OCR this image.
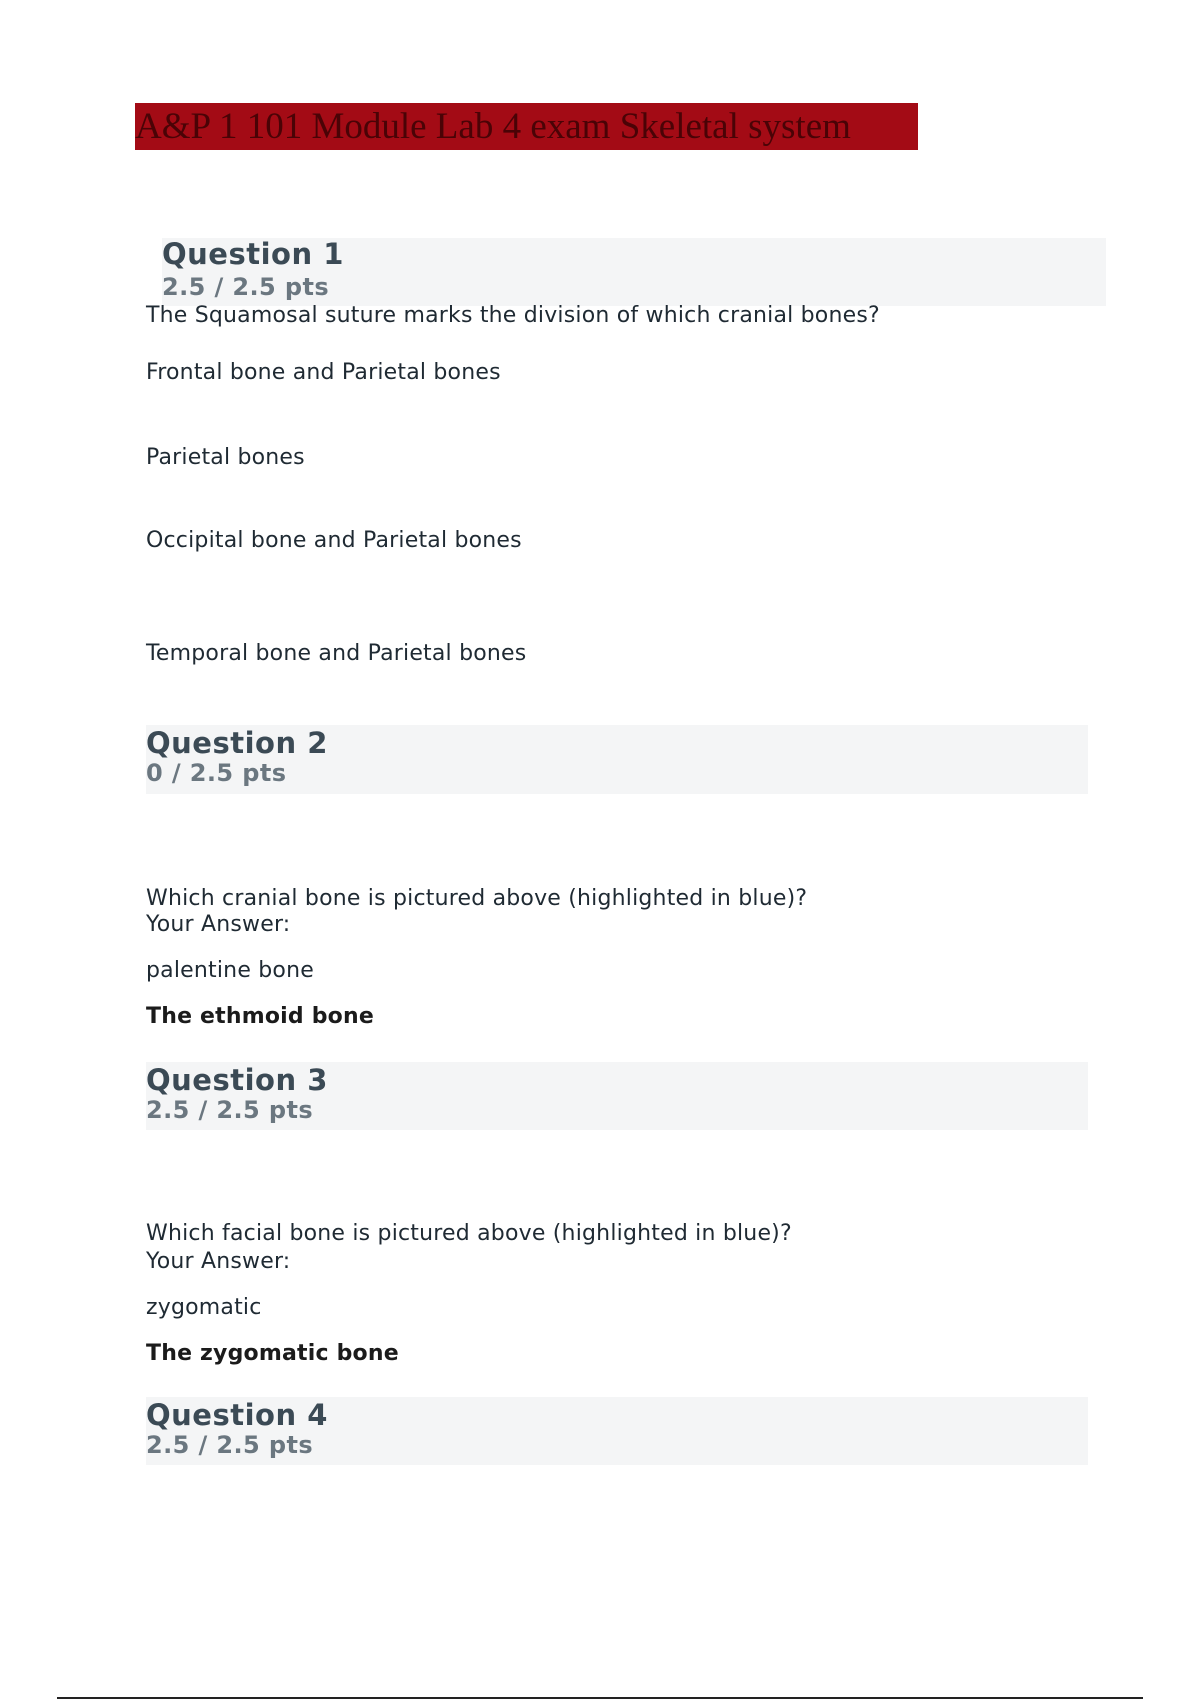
A&P 1 101 Module Lab 4 exam Skeletal system
Question 1
2.5 / 2.5 pts
The Squamosal suture marks the division of which cranial bones?
Frontal bone and Parietal bones
Parietal bones
Occipital bone and Parietal bones
Temporal bone and Parietal bones
Question 2
0 / 2.5 pts
Which cranial bone is pictured above (highlighted in blue)?
Your Answer:
palentine bone
The ethmoid bone
Question 3
2.5 / 2.5 pts
Which facial bone is pictured above (highlighted in blue)?
Your Answer:
zygomatic
The zygomatic bone
Question 4
2.5 / 2.5 pts
